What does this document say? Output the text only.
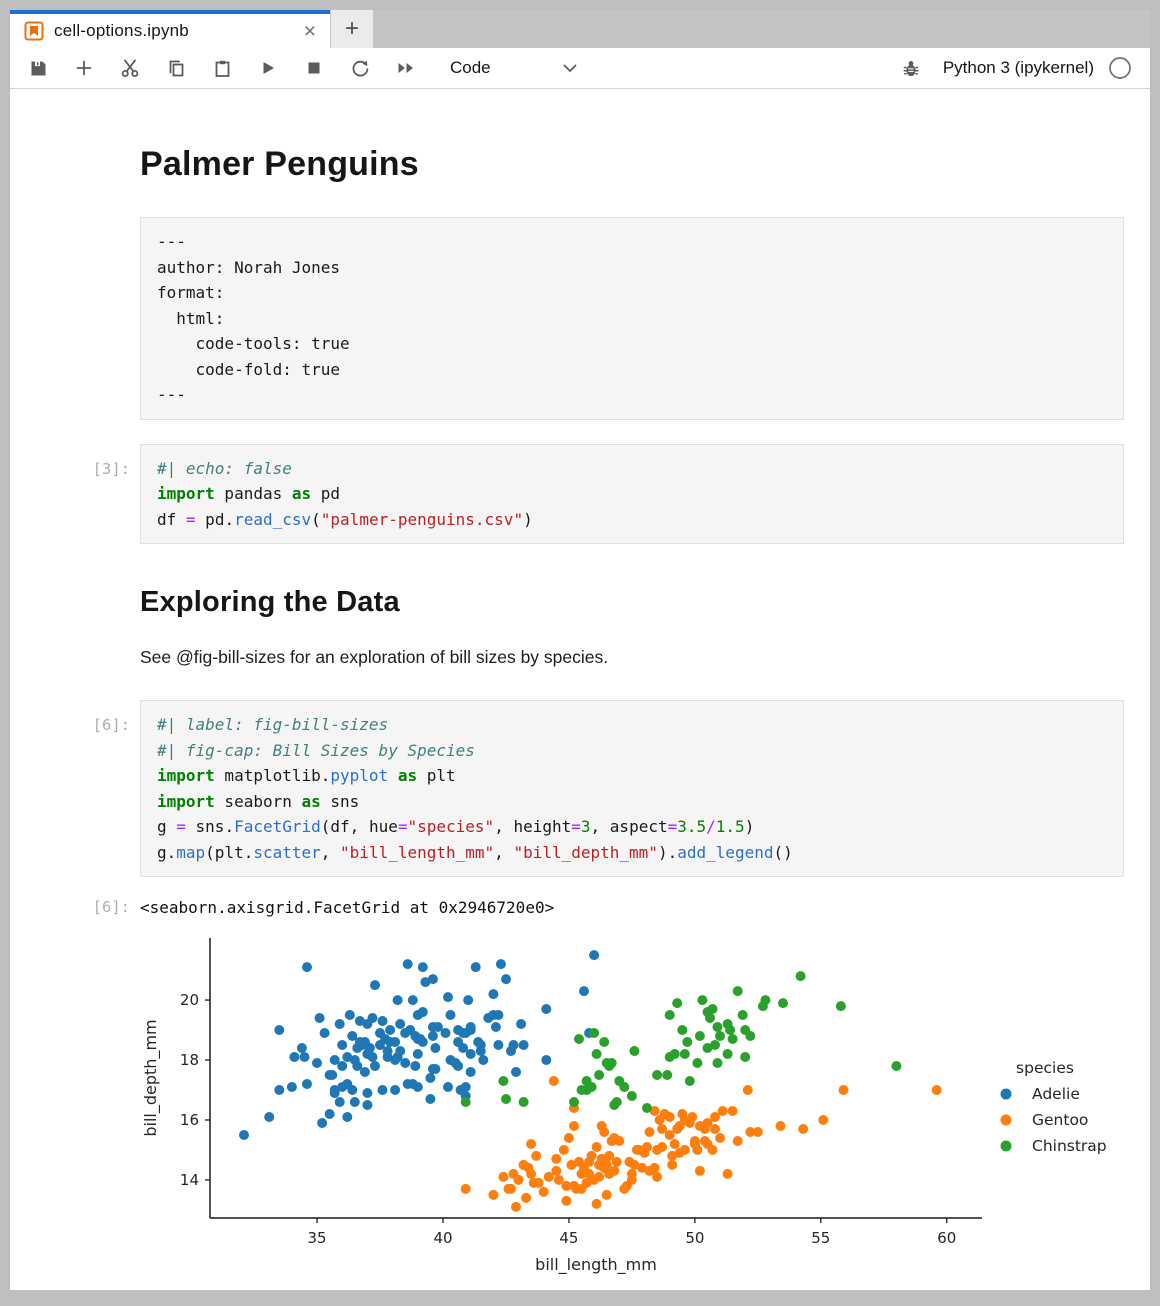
cell-options.ipynb	× +
Code	Python 3 (ipykernel)
Palmer Penguins
---
author: Norah Jones
format:
html:
code-tools: true
code-fold: true
---
[3]:	#| echo: false
import pandas as pd
df = pd.read_csv("palmer-penguins.csv")
Exploring the Data

See @fig-bill-sizes for an exploration of bill sizes by species.

[6]:	#| label: fig-bill-sizes
#| fig-cap: Bill Sizes by Species
import matplotlib.pyplot as plt
import seaborn as sns
g = sns.FacetGrid(df, hue="species", height=3, aspect=3.5/1.5)
g.map(plt.scatter, "bill_length_mm", "bill_depth_mm").add_legend()
[6]: <seaborn.axisgrid.FacetGrid at 0x2946720e0>
35	40	45	50	55	60
14
16
18
20
bill_length_mm
bill_depth_mm	species
Adelie
Gentoo
Chinstrap
